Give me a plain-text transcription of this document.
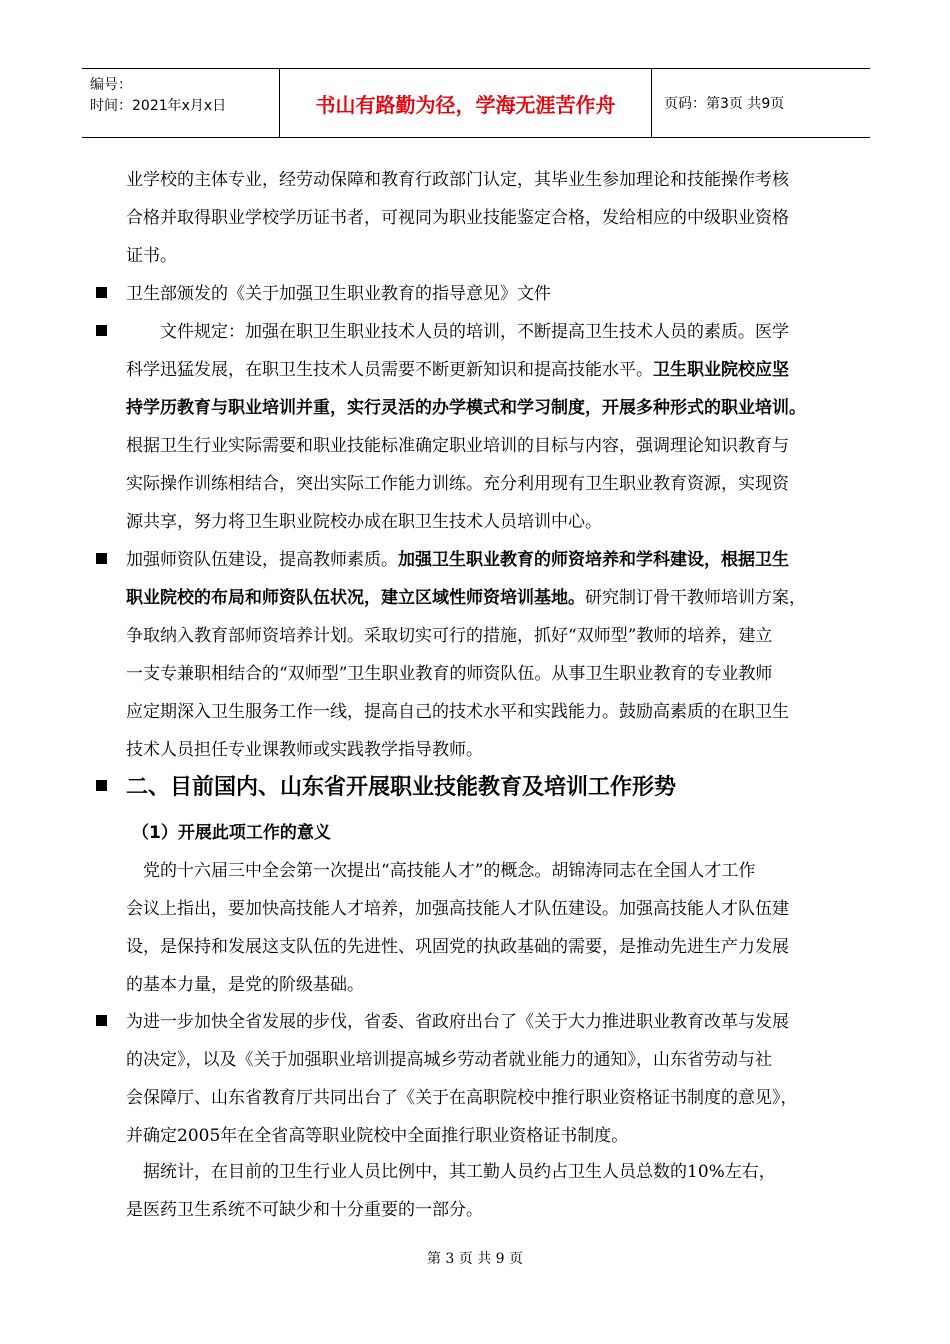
编号：
时间：2021年x月x日	书山有路勤为径，学海无涯苦作舟	页码：第3页 共9页
业学校的主体专业，经劳动保障和教育行政部门认定，其毕业生参加理论和技能操作考核
合格并取得职业学校学历证书者，可视同为职业技能鉴定合格，发给相应的中级职业资格
证书。
卫生部颁发的《关于加强卫生职业教育的指导意见》文件
　　文件规定：加强在职卫生职业技术人员的培训，不断提高卫生技术人员的素质。医学
科学迅猛发展，在职卫生技术人员需要不断更新知识和提高技能水平。卫生职业院校应坚
持学历教育与职业培训并重，实行灵活的办学模式和学习制度，开展多种形式的职业培训。
根据卫生行业实际需要和职业技能标准确定职业培训的目标与内容，强调理论知识教育与
实际操作训练相结合，突出实际工作能力训练。充分利用现有卫生职业教育资源，实现资
源共享，努力将卫生职业院校办成在职卫生技术人员培训中心。
加强师资队伍建设，提高教师素质。加强卫生职业教育的师资培养和学科建设，根据卫生
职业院校的布局和师资队伍状况，建立区域性师资培训基地。研究制订骨干教师培训方案，
争取纳入教育部师资培养计划。采取切实可行的措施，抓好“双师型”教师的培养，建立
一支专兼职相结合的“双师型”卫生职业教育的师资队伍。从事卫生职业教育的专业教师
应定期深入卫生服务工作一线，提高自己的技术水平和实践能力。鼓励高素质的在职卫生
技术人员担任专业课教师或实践教学指导教师。
二、目前国内、山东省开展职业技能教育及培训工作形势
（1）开展此项工作的意义
　党的十六届三中全会第一次提出“高技能人才”的概念。胡锦涛同志在全国人才工作
会议上指出，要加快高技能人才培养，加强高技能人才队伍建设。加强高技能人才队伍建
设，是保持和发展这支队伍的先进性、巩固党的执政基础的需要，是推动先进生产力发展
的基本力量，是党的阶级基础。
为进一步加快全省发展的步伐，省委、省政府出台了《关于大力推进职业教育改革与发展
的决定》，以及《关于加强职业培训提高城乡劳动者就业能力的通知》，山东省劳动与社
会保障厅、山东省教育厅共同出台了《关于在高职院校中推行职业资格证书制度的意见》，
并确定2005年在全省高等职业院校中全面推行职业资格证书制度。
　据统计，在目前的卫生行业人员比例中，其工勤人员约占卫生人员总数的10%左右，
是医药卫生系统不可缺少和十分重要的一部分。
第 3 页 共 9 页
